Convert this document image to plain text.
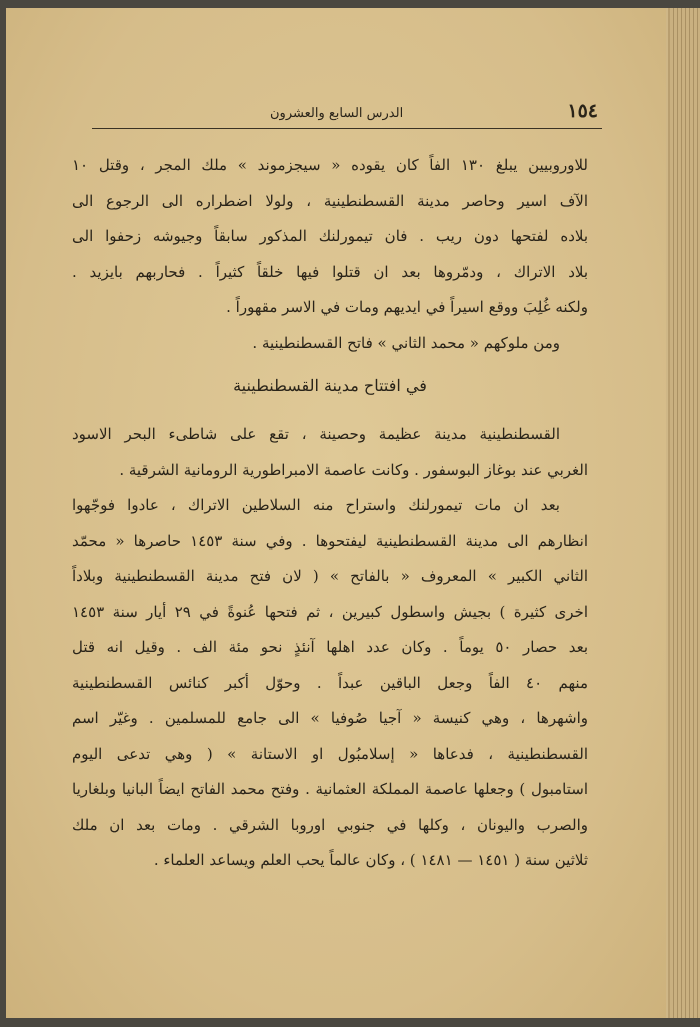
١٥٤
الدرس السابع والعشرون
للاوروبيين يبلغ ١٣٠ الفاً كان يقوده « سيجزموند » ملك المجر ، وقتل ١٠
الآف اسير وحاصر مدينة القسطنطينية ، ولولا اضطراره الى الرجوع الى
بلاده لفتحها دون ريب . فان تيمورلنك المذكور سابقاً وجيوشه زحفوا الى
بلاد الاتراك ، ودمّروها بعد ان قتلوا فيها خلقاً كثيراً . فحاربهم بايزيد .
ولكنه غُلِبَ ووقع اسيراً في ايديهم ومات في الاسر مقهوراً .
ومن ملوكهم « محمد الثاني » فاتح القسطنطينية .
في افتتاح مدينة القسطنطينية
القسطنطينية مدينة عظيمة وحصينة ، تقع على شاطىء البحر الاسود
الغربي عند بوغاز البوسفور . وكانت عاصمة الامبراطورية الرومانية الشرقية .
بعد ان مات تيمورلنك واستراح منه السلاطين الاتراك ، عادوا فوجّهوا
انظارهم الى مدينة القسطنطينية ليفتحوها . وفي سنة ١٤٥٣ حاصرها « محمّد
الثاني الكبير » المعروف « بالفاتح » ( لان فتح مدينة القسطنطينية وبلاداً
اخرى كثيرة ) بجيش واسطول كبيرين ، ثم فتحها عُنوةً في ٢٩ أيار سنة ١٤٥٣
بعد حصار ٥٠ يوماً . وكان عدد اهلها آنئذٍ نحو مئة الف . وقيل انه قتل
منهم ٤٠ الفاً وجعل الباقين عبداً . وحوّل أكبر كنائس القسطنطينية
واشهرها ، وهي كنيسة « آجيا صُوفيا » الى جامع للمسلمين . وغيّر اسم
القسطنطينية ، فدعاها « إسلامبُول او الاستانة » ( وهي تدعى اليوم
استامبول ) وجعلها عاصمة المملكة العثمانية . وفتح محمد الفاتح ايضاً البانيا وبلغاريا
والصرب واليونان ، وكلها في جنوبي اوروبا الشرقي . ومات بعد ان ملك
ثلاثين سنة ( ١٤٥١ — ١٤٨١ ) ، وكان عالماً يحب العلم ويساعد العلماء .
